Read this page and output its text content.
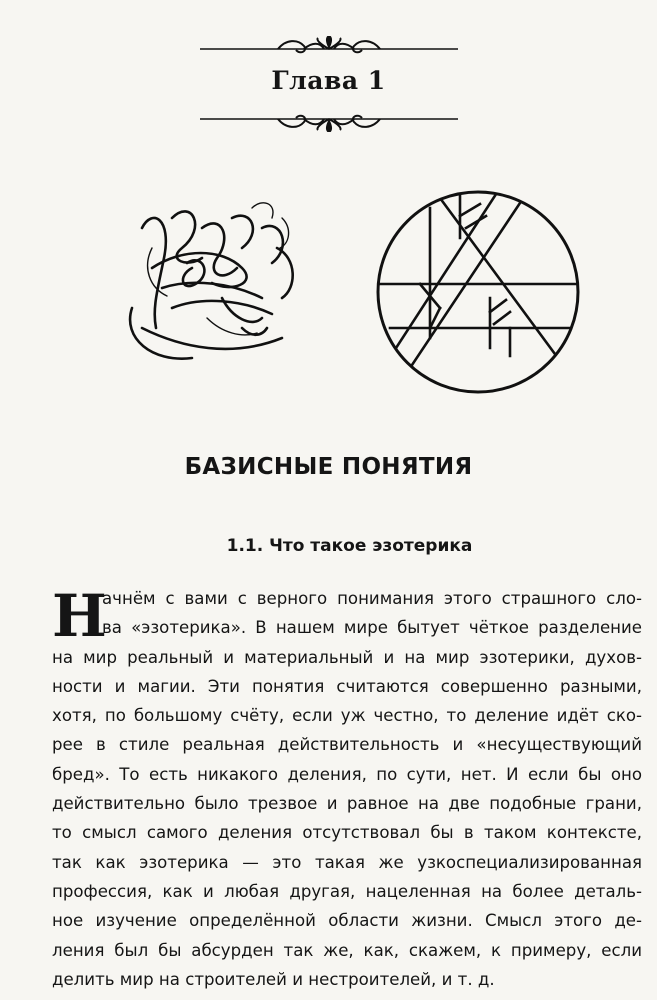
Глава 1
БАЗИСНЫЕ ПОНЯТИЯ
1.1. Что такое эзотерика
Н
ачнём с вами с верного понимания этого страшного сло-
ва «эзотерика». В нашем мире бытует чёткое разделение
на мир реальный и материальный и на мир эзотерики, духов-
ности и магии. Эти понятия считаются совершенно разными,
хотя, по большому счёту, если уж честно, то деление идёт ско-
рее в стиле реальная действительность и «несуществующий
бред». То есть никакого деления, по сути, нет. И если бы оно
действительно было трезвое и равное на две подобные грани,
то смысл самого деления отсутствовал бы в таком контексте,
так как эзотерика — это такая же узкоспециализированная
профессия, как и любая другая, нацеленная на более деталь-
ное изучение определённой области жизни. Смысл этого де-
ления был бы абсурден так же, как, скажем, к примеру, если
делить мир на строителей и нестроителей, и т. д.
